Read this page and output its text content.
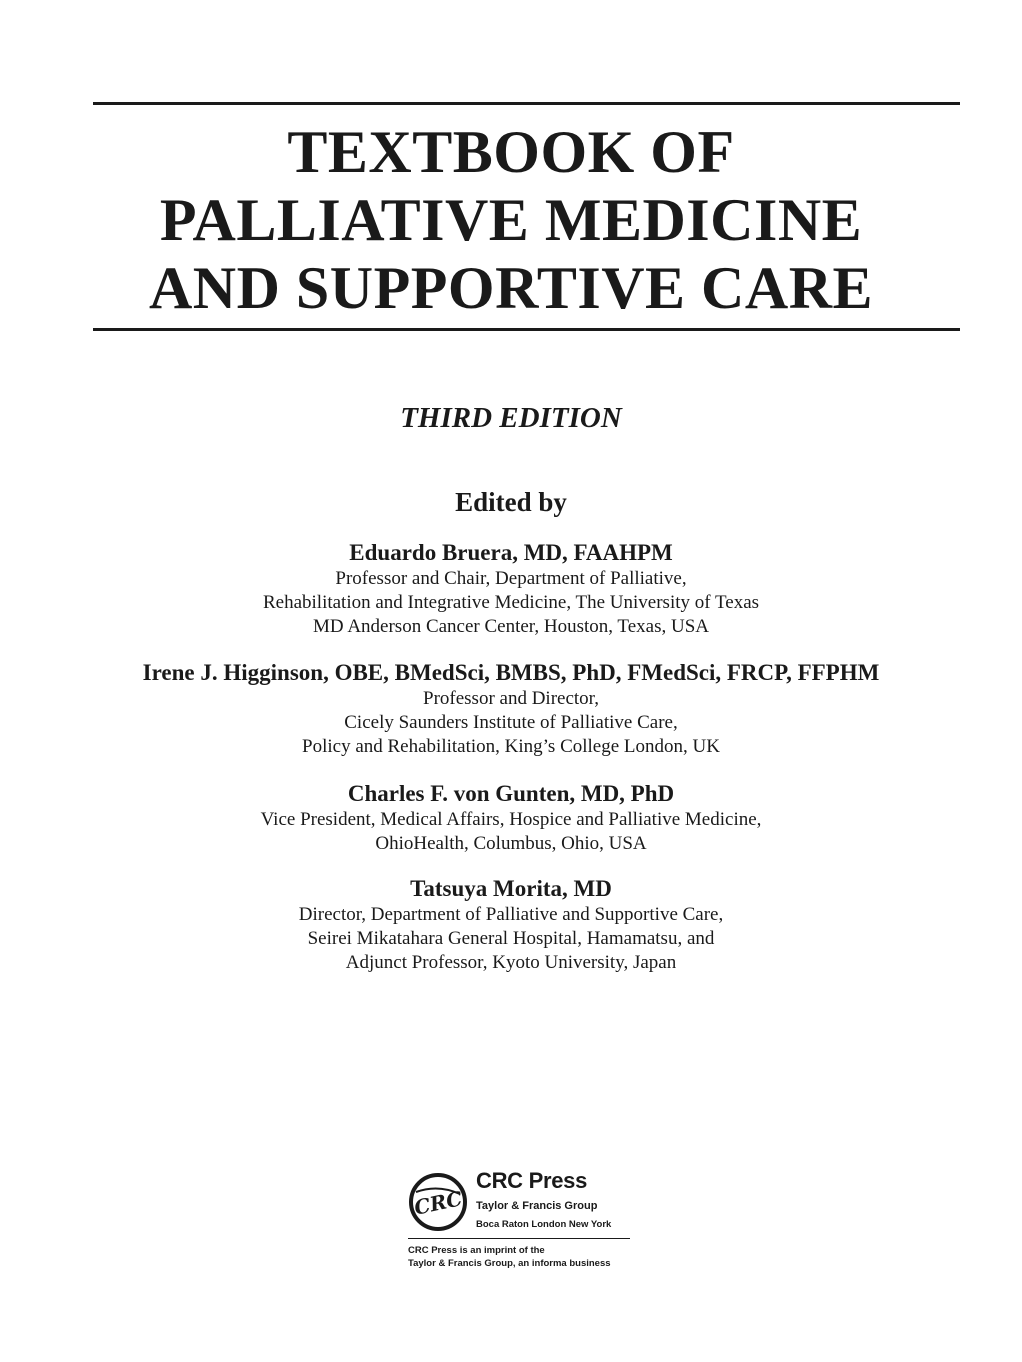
TEXTBOOK OF
PALLIATIVE MEDICINE
AND SUPPORTIVE CARE
THIRD EDITION
Edited by
Eduardo Bruera, MD, FAAHPM
Professor and Chair, Department of Palliative,
Rehabilitation and Integrative Medicine, The University of Texas
MD Anderson Cancer Center, Houston, Texas, USA
Irene J. Higginson, OBE, BMedSci, BMBS, PhD, FMedSci, FRCP, FFPHM
Professor and Director,
Cicely Saunders Institute of Palliative Care,
Policy and Rehabilitation, King’s College London, UK
Charles F. von Gunten, MD, PhD
Vice President, Medical Affairs, Hospice and Palliative Medicine,
OhioHealth, Columbus, Ohio, USA
Tatsuya Morita, MD
Director, Department of Palliative and Supportive Care,
Seirei Mikatahara General Hospital, Hamamatsu, and
Adjunct Professor, Kyoto University, Japan
CRC
CRC Press
Taylor & Francis Group
Boca Raton London New York
CRC Press is an imprint of the
Taylor & Francis Group, an informa business
